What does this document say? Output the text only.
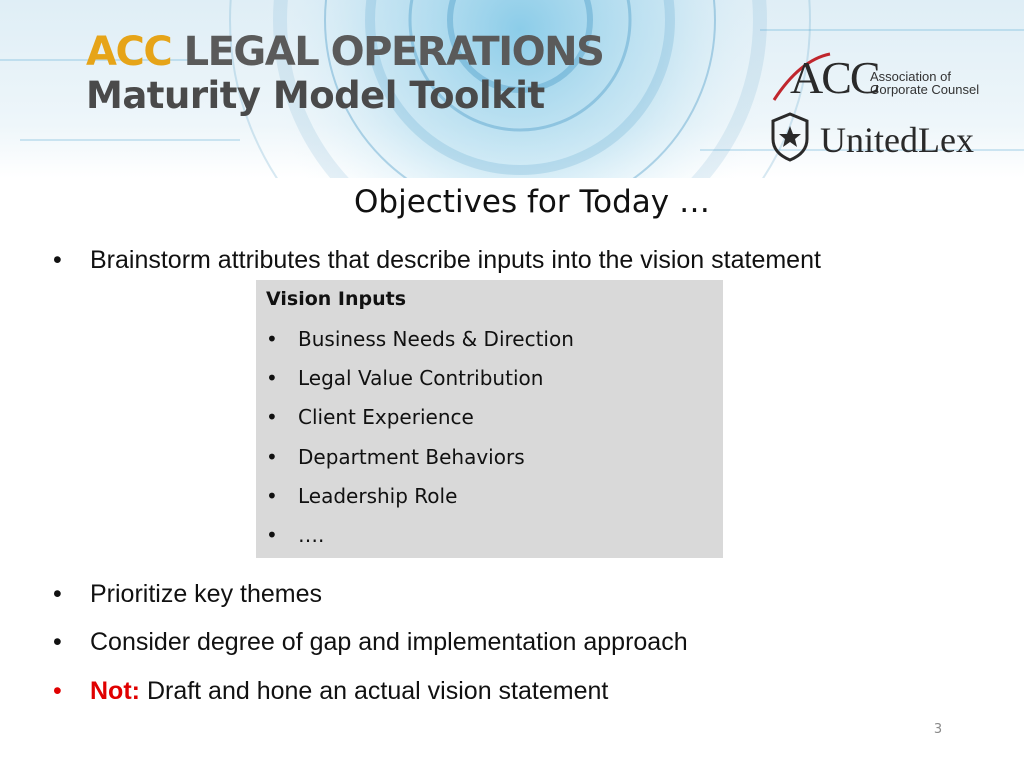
ACC LEGAL OPERATIONS
Maturity Model Toolkit	ACC
Association of
Corporate Counsel
UnitedLex
Objectives for Today …
• Brainstorm attributes that describe inputs into the vision statement
Vision Inputs
• Business Needs & Direction
• Legal Value Contribution
• Client Experience
• Department Behaviors
• Leadership Role
• ….
• Prioritize key themes
• Consider degree of gap and implementation approach
• Not: Draft and hone an actual vision statement
3
